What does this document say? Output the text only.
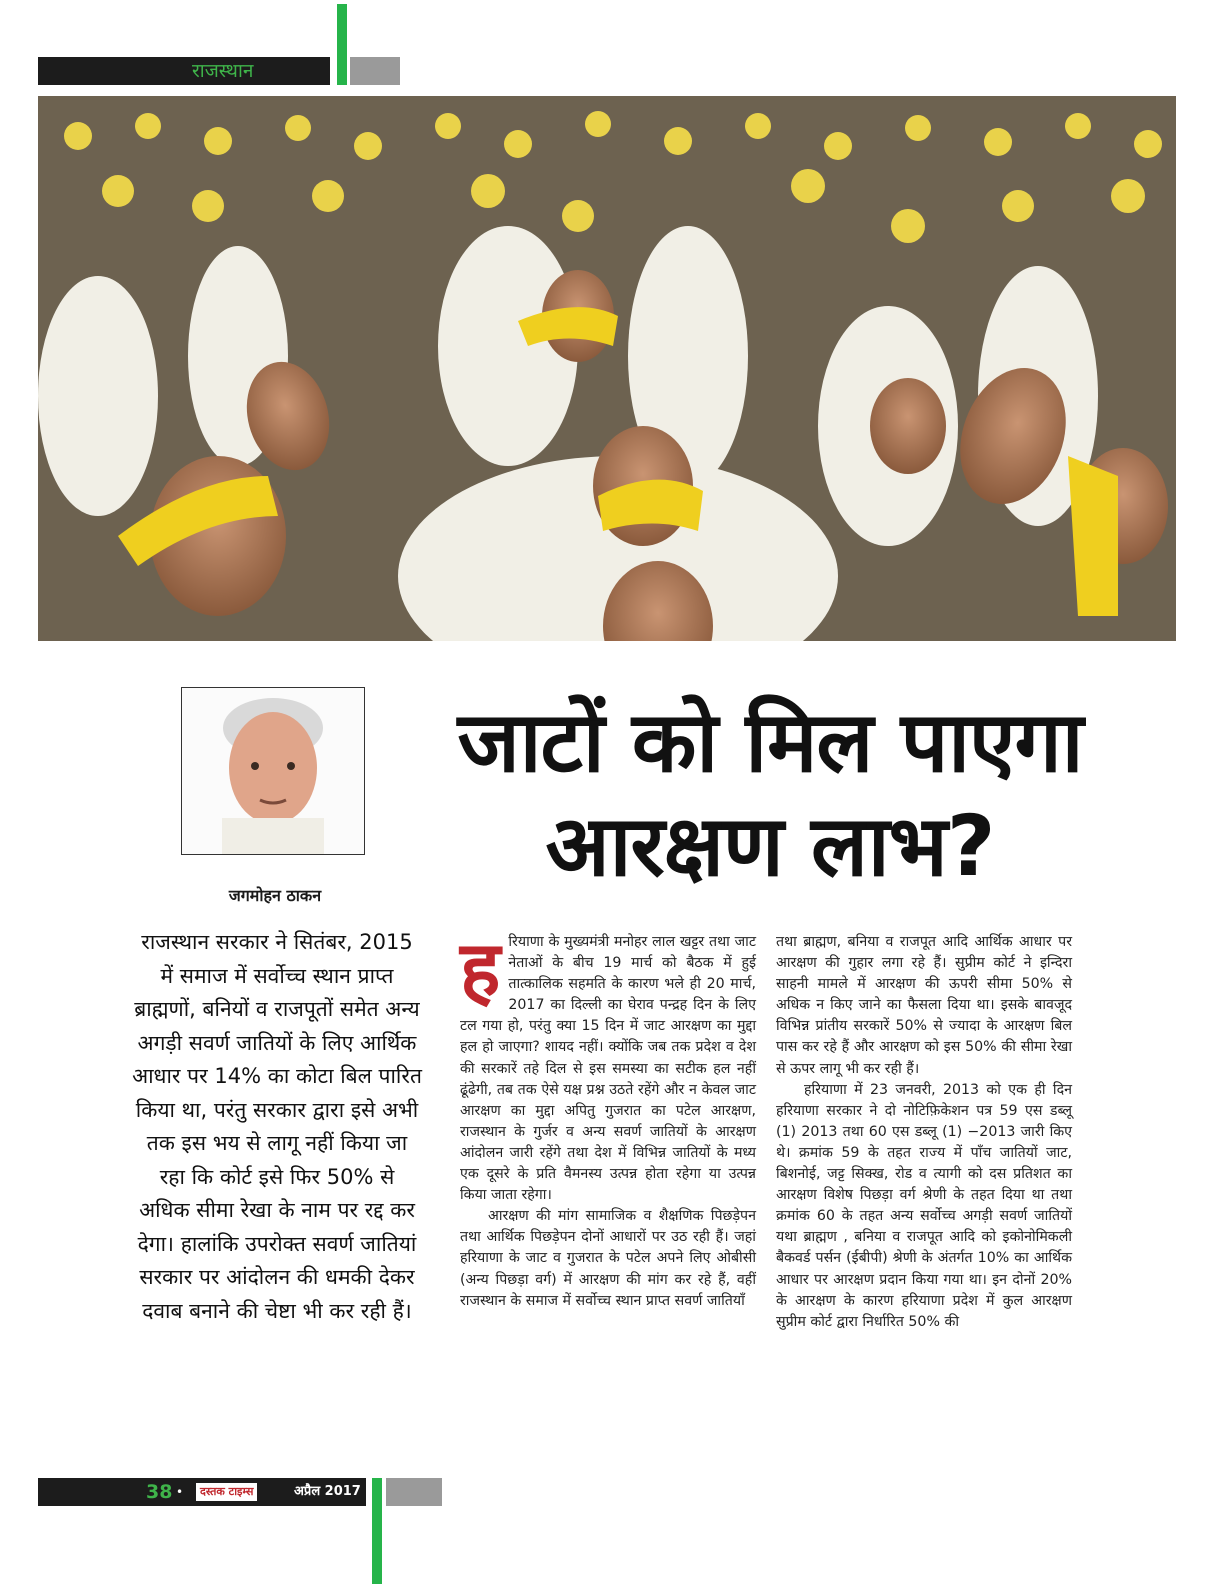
राजस्थान
जगमोहन ठाकन
जाटों को मिल पाएगा
आरक्षण लाभ?
राजस्थान सरकार ने सितंबर, 2015 में समाज में सर्वोच्च स्थान प्राप्त ब्राह्मणों, बनियों व राजपूतों समेत अन्य अगड़ी सवर्ण जातियों के लिए आर्थिक आधार पर 14% का कोटा बिल पारित किया था, परंतु सरकार द्वारा इसे अभी तक इस भय से लागू नहीं किया जा रहा कि कोर्ट इसे फिर 50% से अधिक सीमा रेखा के नाम पर रद्द कर देगा। हालांकि उपरोक्त सवर्ण जातियां सरकार पर आंदोलन की धमकी देकर दवाब बनाने की चेष्टा भी कर रही हैं।

हरियाणा के मुख्यमंत्री मनोहर लाल खट्टर तथा जाट नेताओं के बीच 19 मार्च को बैठक में हुई तात्कालिक सहमति के कारण भले ही 20 मार्च, 2017 का दिल्ली का घेराव पन्द्रह दिन के लिए टल गया हो, परंतु क्या 15 दिन में जाट आरक्षण का मुद्दा हल हो जाएगा? शायद नहीं। क्योंकि जब तक प्रदेश व देश की सरकारें तहे दिल से इस समस्या का सटीक हल नहीं ढूंढेगी, तब तक ऐसे यक्ष प्रश्न उठते रहेंगे और न केवल जाट आरक्षण का मुद्दा अपितु गुजरात का पटेल आरक्षण, राजस्थान के गुर्जर व अन्य सवर्ण जातियों के आरक्षण आंदोलन जारी रहेंगे तथा देश में विभिन्न जातियों के मध्य एक दूसरे के प्रति वैमनस्य उत्पन्न होता रहेगा या उत्पन्न किया जाता रहेगा।

आरक्षण की मांग सामाजिक व शैक्षणिक पिछड़ेपन तथा आर्थिक पिछड़ेपन दोनों आधारों पर उठ रही हैं। जहां हरियाणा के जाट व गुजरात के पटेल अपने लिए ओबीसी (अन्य पिछड़ा वर्ग) में आरक्षण की मांग कर रहे हैं, वहीं राजस्थान के समाज में सर्वोच्च स्थान प्राप्त सवर्ण जातियाँ

तथा ब्राह्मण, बनिया व राजपूत आदि आर्थिक आधार पर आरक्षण की गुहार लगा रहे हैं। सुप्रीम कोर्ट ने इन्दिरा साहनी मामले में आरक्षण की ऊपरी सीमा 50% से अधिक न किए जाने का फैसला दिया था। इसके बावजूद विभिन्न प्रांतीय सरकारें 50% से ज्यादा के आरक्षण बिल पास कर रहे हैं और आरक्षण को इस 50% की सीमा रेखा से ऊपर लागू भी कर रही हैं।

हरियाणा में 23 जनवरी, 2013 को एक ही दिन हरियाणा सरकार ने दो नोटिफ़िकेशन पत्र 59 एस डब्लू (1) 2013 तथा 60 एस डब्लू (1) −2013 जारी किए थे। क्रमांक 59 के तहत राज्य में पाँच जातियों जाट, बिशनोई, जट्ट सिक्ख, रोड व त्यागी को दस प्रतिशत का आरक्षण विशेष पिछड़ा वर्ग श्रेणी के तहत दिया था तथा क्रमांक 60 के तहत अन्य सर्वोच्च अगड़ी सवर्ण जातियों यथा ब्राह्मण , बनिया व राजपूत आदि को इकोनोमिकली बैकवर्ड पर्सन (ईबीपी) श्रेणी के अंतर्गत 10% का आर्थिक आधार पर आरक्षण प्रदान किया गया था। इन दोनों 20% के आरक्षण के कारण हरियाणा प्रदेश में कुल आरक्षण सुप्रीम कोर्ट द्वारा निर्धारित 50% की

38 •	दस्तक टाइम्स	अप्रैल 2017
